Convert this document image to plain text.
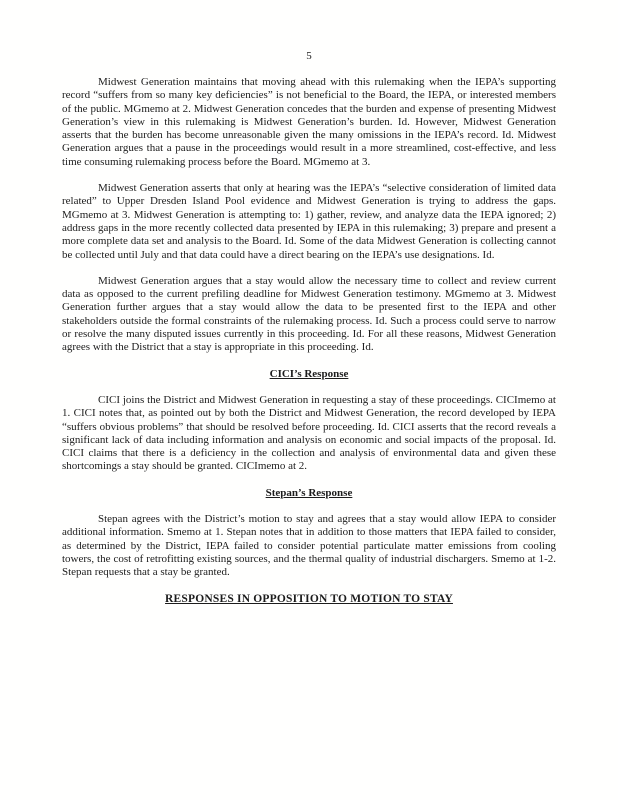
5

Midwest Generation maintains that moving ahead with this rulemaking when the IEPA’s supporting record “suffers from so many key deficiencies” is not beneficial to the Board, the IEPA, or interested members of the public. MGmemo at 2. Midwest Generation concedes that the burden and expense of presenting Midwest Generation’s view in this rulemaking is Midwest Generation’s burden. Id. However, Midwest Generation asserts that the burden has become unreasonable given the many omissions in the IEPA’s record. Id. Midwest Generation argues that a pause in the proceedings would result in a more streamlined, cost-effective, and less time consuming rulemaking process before the Board. MGmemo at 3.

Midwest Generation asserts that only at hearing was the IEPA’s “selective consideration of limited data related” to Upper Dresden Island Pool evidence and Midwest Generation is trying to address the gaps. MGmemo at 3. Midwest Generation is attempting to: 1) gather, review, and analyze data the IEPA ignored; 2) address gaps in the more recently collected data presented by IEPA in this rulemaking; 3) prepare and present a more complete data set and analysis to the Board. Id. Some of the data Midwest Generation is collecting cannot be collected until July and that data could have a direct bearing on the IEPA’s use designations. Id.

Midwest Generation argues that a stay would allow the necessary time to collect and review current data as opposed to the current prefiling deadline for Midwest Generation testimony. MGmemo at 3. Midwest Generation further argues that a stay would allow the data to be presented first to the IEPA and other stakeholders outside the formal constraints of the rulemaking process. Id. Such a process could serve to narrow or resolve the many disputed issues currently in this proceeding. Id. For all these reasons, Midwest Generation agrees with the District that a stay is appropriate in this proceeding. Id.

CICI’s Response

CICI joins the District and Midwest Generation in requesting a stay of these proceedings. CICImemo at 1. CICI notes that, as pointed out by both the District and Midwest Generation, the record developed by IEPA “suffers obvious problems” that should be resolved before proceeding. Id. CICI asserts that the record reveals a significant lack of data including information and analysis on economic and social impacts of the proposal. Id. CICI claims that there is a deficiency in the collection and analysis of environmental data and given these shortcomings a stay should be granted. CICImemo at 2.

Stepan’s Response

Stepan agrees with the District’s motion to stay and agrees that a stay would allow IEPA to consider additional information. Smemo at 1. Stepan notes that in addition to those matters that IEPA failed to consider, as determined by the District, IEPA failed to consider potential particulate matter emissions from cooling towers, the cost of retrofitting existing sources, and the thermal quality of industrial dischargers. Smemo at 1-2. Stepan requests that a stay be granted.

RESPONSES IN OPPOSITION TO MOTION TO STAY
